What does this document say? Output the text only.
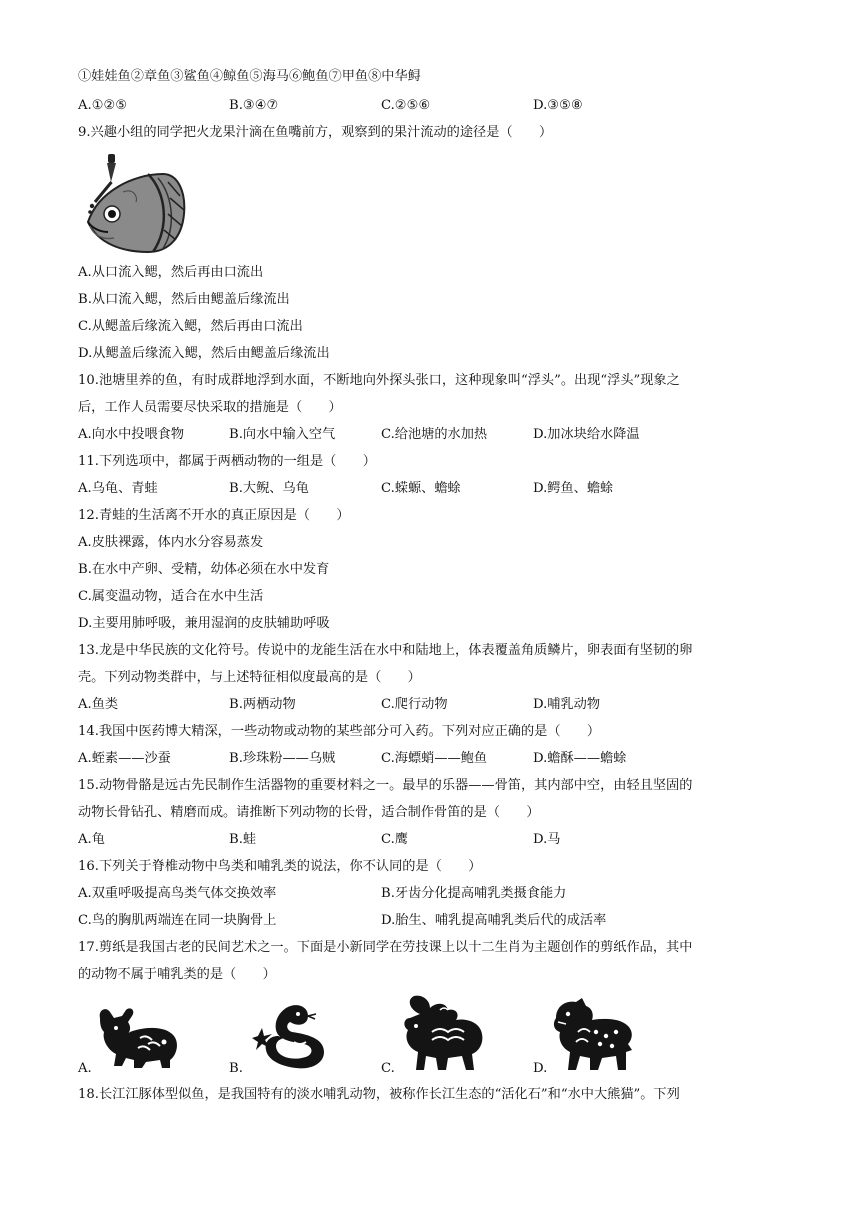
①娃娃鱼②章鱼③鲨鱼④鲸鱼⑤海马⑥鲍鱼⑦甲鱼⑧中华鲟
A.①②⑤	B.③④⑦	C.②⑤⑥	D.③⑤⑧
9.兴趣小组的同学把火龙果汁滴在鱼嘴前方，观察到的果汁流动的途径是（　　）
A.从口流入鳃，然后再由口流出
B.从口流入鳃，然后由鳃盖后缘流出
C.从鳃盖后缘流入鳃，然后再由口流出
D.从鳃盖后缘流入鳃，然后由鳃盖后缘流出
10.池塘里养的鱼，有时成群地浮到水面，不断地向外探头张口，这种现象叫“浮头”。出现“浮头”现象之
后，工作人员需要尽快采取的措施是（　　）
A.向水中投喂食物	B.向水中输入空气	C.给池塘的水加热	D.加冰块给水降温
11.下列选项中，都属于两栖动物的一组是（　　）
A.乌龟、青蛙	B.大鲵、乌龟	C.蝾螈、蟾蜍	D.鳄鱼、蟾蜍
12.青蛙的生活离不开水的真正原因是（　　）
A.皮肤裸露，体内水分容易蒸发
B.在水中产卵、受精，幼体必须在水中发育
C.属变温动物，适合在水中生活
D.主要用肺呼吸，兼用湿润的皮肤辅助呼吸
13.龙是中华民族的文化符号。传说中的龙能生活在水中和陆地上，体表覆盖角质鳞片，卵表面有坚韧的卵
壳。下列动物类群中，与上述特征相似度最高的是（　　）
A.鱼类	B.两栖动物	C.爬行动物	D.哺乳动物
14.我国中医药博大精深，一些动物或动物的某些部分可入药。下列对应正确的是（　　）
A.蛭素——沙蚕	B.珍珠粉——乌贼	C.海螵蛸——鲍鱼	D.蟾酥——蟾蜍
15.动物骨骼是远古先民制作生活器物的重要材料之一。最早的乐器——骨笛，其内部中空，由轻且坚固的
动物长骨钻孔、精磨而成。请推断下列动物的长骨，适合制作骨笛的是（　　）
A.龟	B.蛙	C.鹰	D.马
16.下列关于脊椎动物中鸟类和哺乳类的说法，你不认同的是（　　）
A.双重呼吸提高鸟类气体交换效率	B.牙齿分化提高哺乳类摄食能力
C.鸟的胸肌两端连在同一块胸骨上	D.胎生、哺乳提高哺乳类后代的成活率
17.剪纸是我国古老的民间艺术之一。下面是小新同学在劳技课上以十二生肖为主题创作的剪纸作品，其中
的动物不属于哺乳类的是（　　）
A.	B.	C.	D.
18.长江江豚体型似鱼，是我国特有的淡水哺乳动物，被称作长江生态的“活化石”和“水中大熊猫”。下列
